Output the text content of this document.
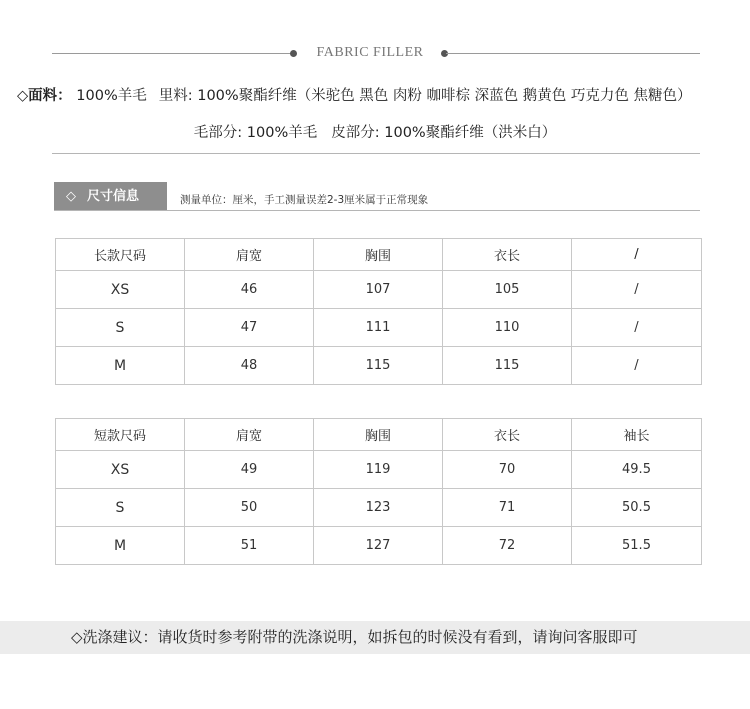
FABRIC FILLER
◇面料： 100%羊毛 里料: 100%聚酯纤维（米驼色 黑色 肉粉 咖啡棕 深蓝色 鹅黄色 巧克力色 焦糖色）
毛部分: 100%羊毛 皮部分: 100%聚酯纤维（洪米白）
◇ 尺寸信息	测量单位：厘米，手工测量误差2-3厘米属于正常现象
长款尺码	肩宽	胸围	衣长	/
XS	46	107	105	/
S	47	111	110	/
M	48	115	115	/
短款尺码	肩宽	胸围	衣长	袖长
XS	49	119	70	49.5
S	50	123	71	50.5
M	51	127	72	51.5
◇洗涤建议：请收货时参考附带的洗涤说明，如拆包的时候没有看到，请询问客服即可
